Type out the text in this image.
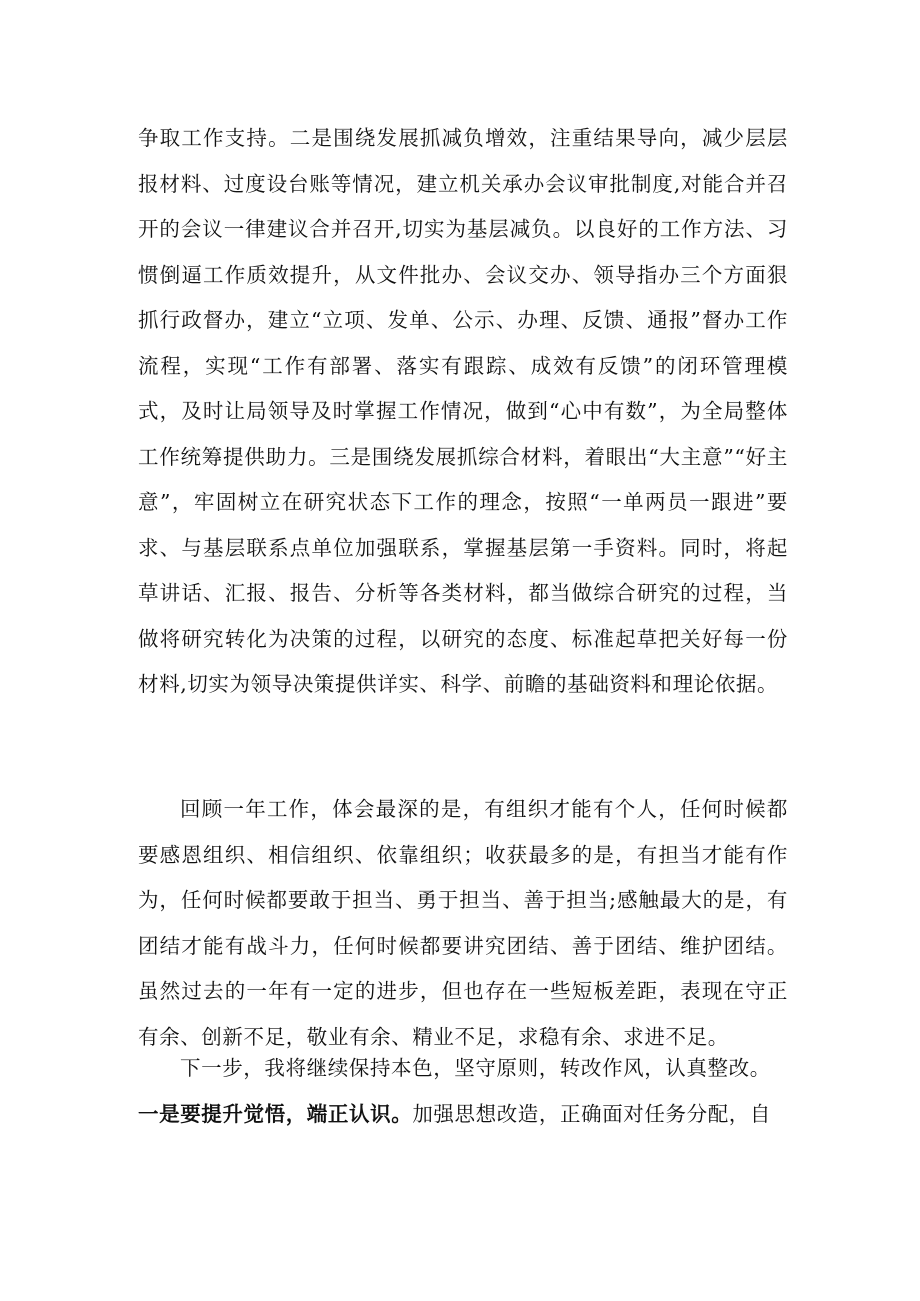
争取工作支持。二是围绕发展抓减负增效，注重结果导向，减少层层报材料、过度设台账等情况，建立机关承办会议审批制度,对能合并召开的会议一律建议合并召开,切实为基层减负。以良好的工作方法、习惯倒逼工作质效提升，从文件批办、会议交办、领导指办三个方面狠抓行政督办，建立“立项、发单、公示、办理、反馈、通报”督办工作流程，实现“工作有部署、落实有跟踪、成效有反馈”的闭环管理模式，及时让局领导及时掌握工作情况，做到“心中有数”，为全局整体工作统筹提供助力。三是围绕发展抓综合材料，着眼出“大主意”“好主意”，牢固树立在研究状态下工作的理念，按照“一单两员一跟进”要求、与基层联系点单位加强联系，掌握基层第一手资料。同时，将起草讲话、汇报、报告、分析等各类材料，都当做综合研究的过程，当做将研究转化为决策的过程，以研究的态度、标准起草把关好每一份材料,切实为领导决策提供详实、科学、前瞻的基础资料和理论依据。

回顾一年工作，体会最深的是，有组织才能有个人，任何时候都要感恩组织、相信组织、依靠组织；收获最多的是，有担当才能有作为，任何时候都要敢于担当、勇于担当、善于担当;感触最大的是，有团结才能有战斗力，任何时候都要讲究团结、善于团结、维护团结。虽然过去的一年有一定的进步，但也存在一些短板差距，表现在守正有余、创新不足，敬业有余、精业不足，求稳有余、求进不足。

下一步，我将继续保持本色，坚守原则，转改作风，认真整改。

一是要提升觉悟，端正认识。加强思想改造，正确面对任务分配，自
